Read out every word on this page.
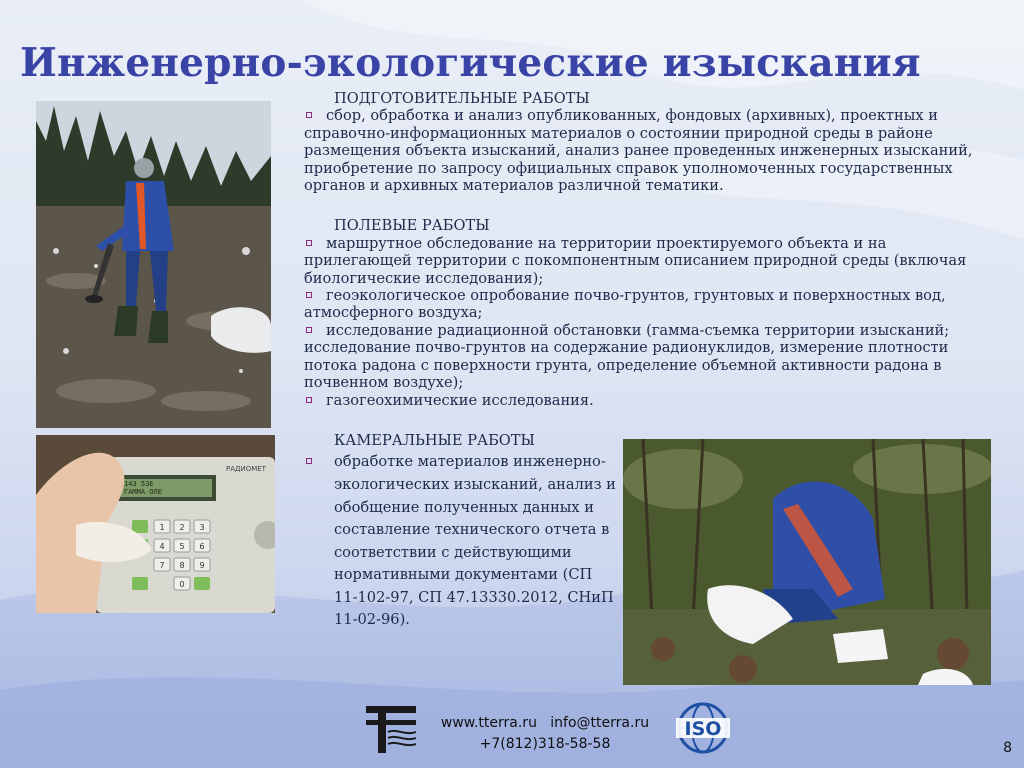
Инженерно-экологические изыскания
143 53E
ГАММА ОЛЕ
РАДИОМЕТ
1 2 3
4 5 6
7 8 9
0

ПОДГОТОВИТЕЛЬНЫЕ РАБОТЫ

сбор, обработка и анализ опубликованных, фондовых (архивных), проектных и справочно-информационных материалов о состоянии природной среды в районе размещения объекта изысканий, анализ ранее проведенных инженерных изысканий, приобретение по запросу официальных справок уполномоченных государственных органов и архивных материалов различной тематики.

ПОЛЕВЫЕ РАБОТЫ

маршрутное обследование на территории проектируемого объекта и на прилегающей территории с покомпонентным описанием природной среды (включая биологические исследования);

геоэкологическое опробование почво-грунтов, грунтовых и поверхностных вод, атмосферного воздуха;

исследование радиационной обстановки (гамма-съемка территории изысканий; исследование почво-грунтов на содержание радионуклидов, измерение плотности потока радона с поверхности грунта, определение объемной активности радона в почвенном воздухе);

газогеохимические исследования.

КАМЕРАЛЬНЫЕ РАБОТЫ

обработке материалов инженерно-экологических изысканий, анализ и обобщение полученных данных и составление технического отчета в соответствии с действующими нормативными документами (СП 11-102-97, СП 47.13330.2012, СНиП 11-02-96).

www.tterra.ru info@tterra.ru
+7(812)318-58-58
ISO
8
